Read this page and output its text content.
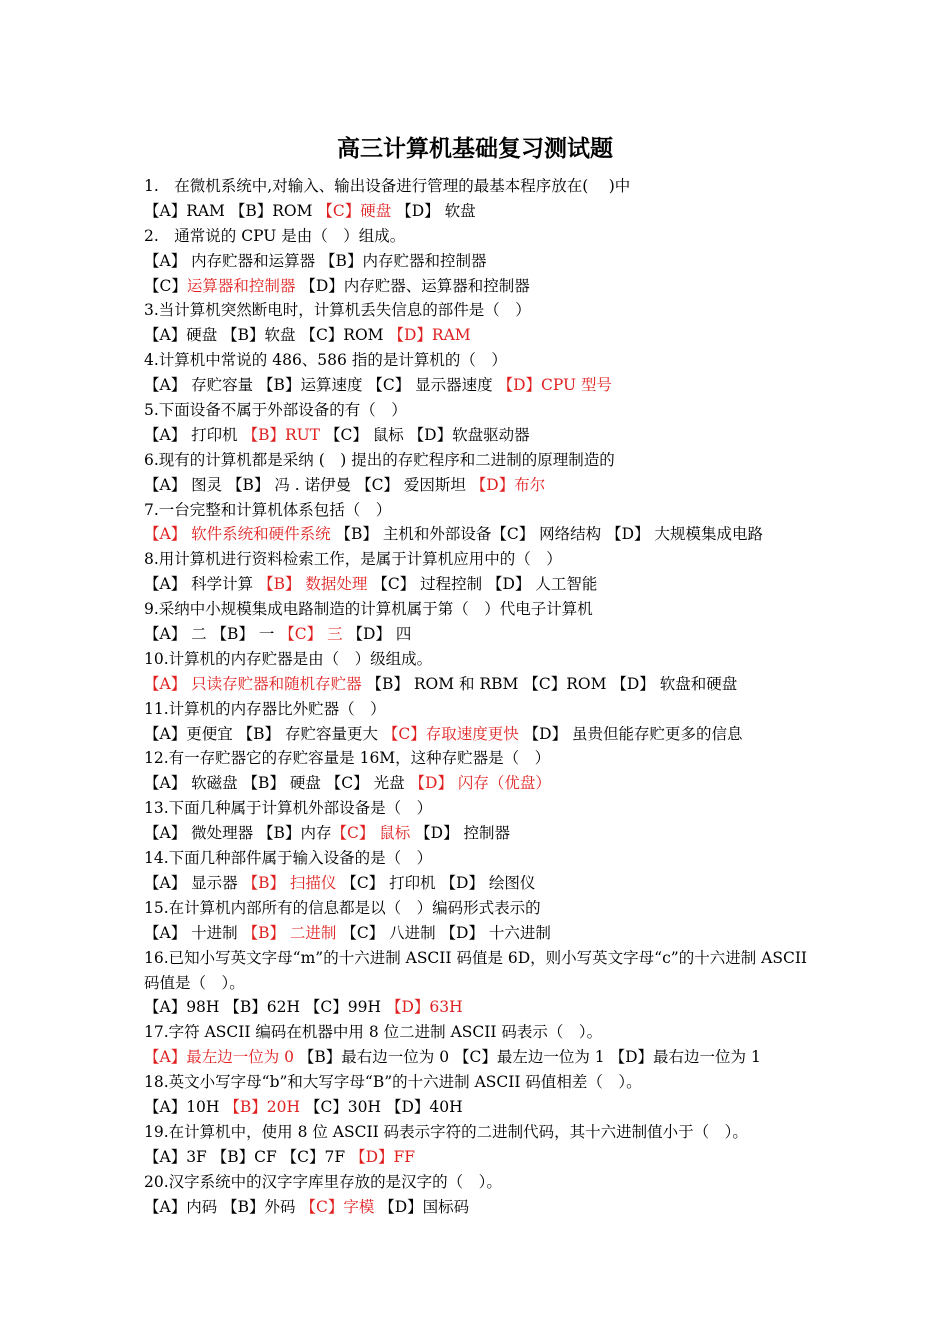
高三计算机基础复习测试题
1.　在微机系统中,对输入、输出设备进行管理的最基本程序放在(　 )中
【A】RAM 【B】ROM 【C】硬盘 【D】 软盘
2.　通常说的 CPU 是由（　）组成。
【A】 内存贮器和运算器 【B】内存贮器和控制器
【C】运算器和控制器 【D】内存贮器、运算器和控制器
3.当计算机突然断电时，计算机丢失信息的部件是（　）
【A】硬盘 【B】软盘 【C】ROM 【D】RAM
4.计算机中常说的 486、586 指的是计算机的（　）
【A】 存贮容量 【B】运算速度 【C】 显示器速度 【D】CPU 型号
5.下面设备不属于外部设备的有（　）
【A】 打印机 【B】RUT 【C】 鼠标 【D】软盘驱动器
6.现有的计算机都是采纳 (　) 提出的存贮程序和二进制的原理制造的
【A】 图灵 【B】 冯 . 诺伊曼 【C】 爱因斯坦 【D】布尔
7.一台完整和计算机体系包括（　）
【A】 软件系统和硬件系统 【B】 主机和外部设备【C】 网络结构 【D】 大规模集成电路
8.用计算机进行资料检索工作，是属于计算机应用中的（　）
【A】 科学计算 【B】 数据处理 【C】 过程控制 【D】 人工智能
9.采纳中小规模集成电路制造的计算机属于第（　）代电子计算机
【A】 二 【B】 一 【C】 三 【D】 四
10.计算机的内存贮器是由（　）级组成。
【A】 只读存贮器和随机存贮器 【B】 ROM 和 RBM 【C】ROM 【D】 软盘和硬盘
11.计算机的内存器比外贮器（　）
【A】更便宜 【B】 存贮容量更大 【C】存取速度更快 【D】 虽贵但能存贮更多的信息
12.有一存贮器它的存贮容量是 16M，这种存贮器是（　）
【A】 软磁盘 【B】 硬盘 【C】 光盘 【D】 闪存（优盘）
13.下面几种属于计算机外部设备是（　）
【A】 微处理器 【B】内存【C】 鼠标 【D】 控制器
14.下面几种部件属于输入设备的是（　）
【A】 显示器 【B】 扫描仪 【C】 打印机 【D】 绘图仪
15.在计算机内部所有的信息都是以（　）编码形式表示的
【A】 十进制 【B】 二进制 【C】 八进制 【D】 十六进制
16.已知小写英文字母“m”的十六进制 ASCII 码值是 6D，则小写英文字母“c”的十六进制 ASCII 码值是（　）。
【A】98H 【B】62H 【C】99H 【D】63H
17.字符 ASCII 编码在机器中用 8 位二进制 ASCII 码表示（　）。
【A】最左边一位为 0 【B】最右边一位为 0 【C】最左边一位为 1 【D】最右边一位为 1
18.英文小写字母“b”和大写字母“B”的十六进制 ASCII 码值相差（　）。
【A】10H 【B】20H 【C】30H 【D】40H
19.在计算机中，使用 8 位 ASCII 码表示字符的二进制代码，其十六进制值小于（　）。
【A】3F 【B】CF 【C】7F 【D】FF
20.汉字系统中的汉字字库里存放的是汉字的（　）。
【A】内码 【B】外码 【C】字模 【D】国标码
